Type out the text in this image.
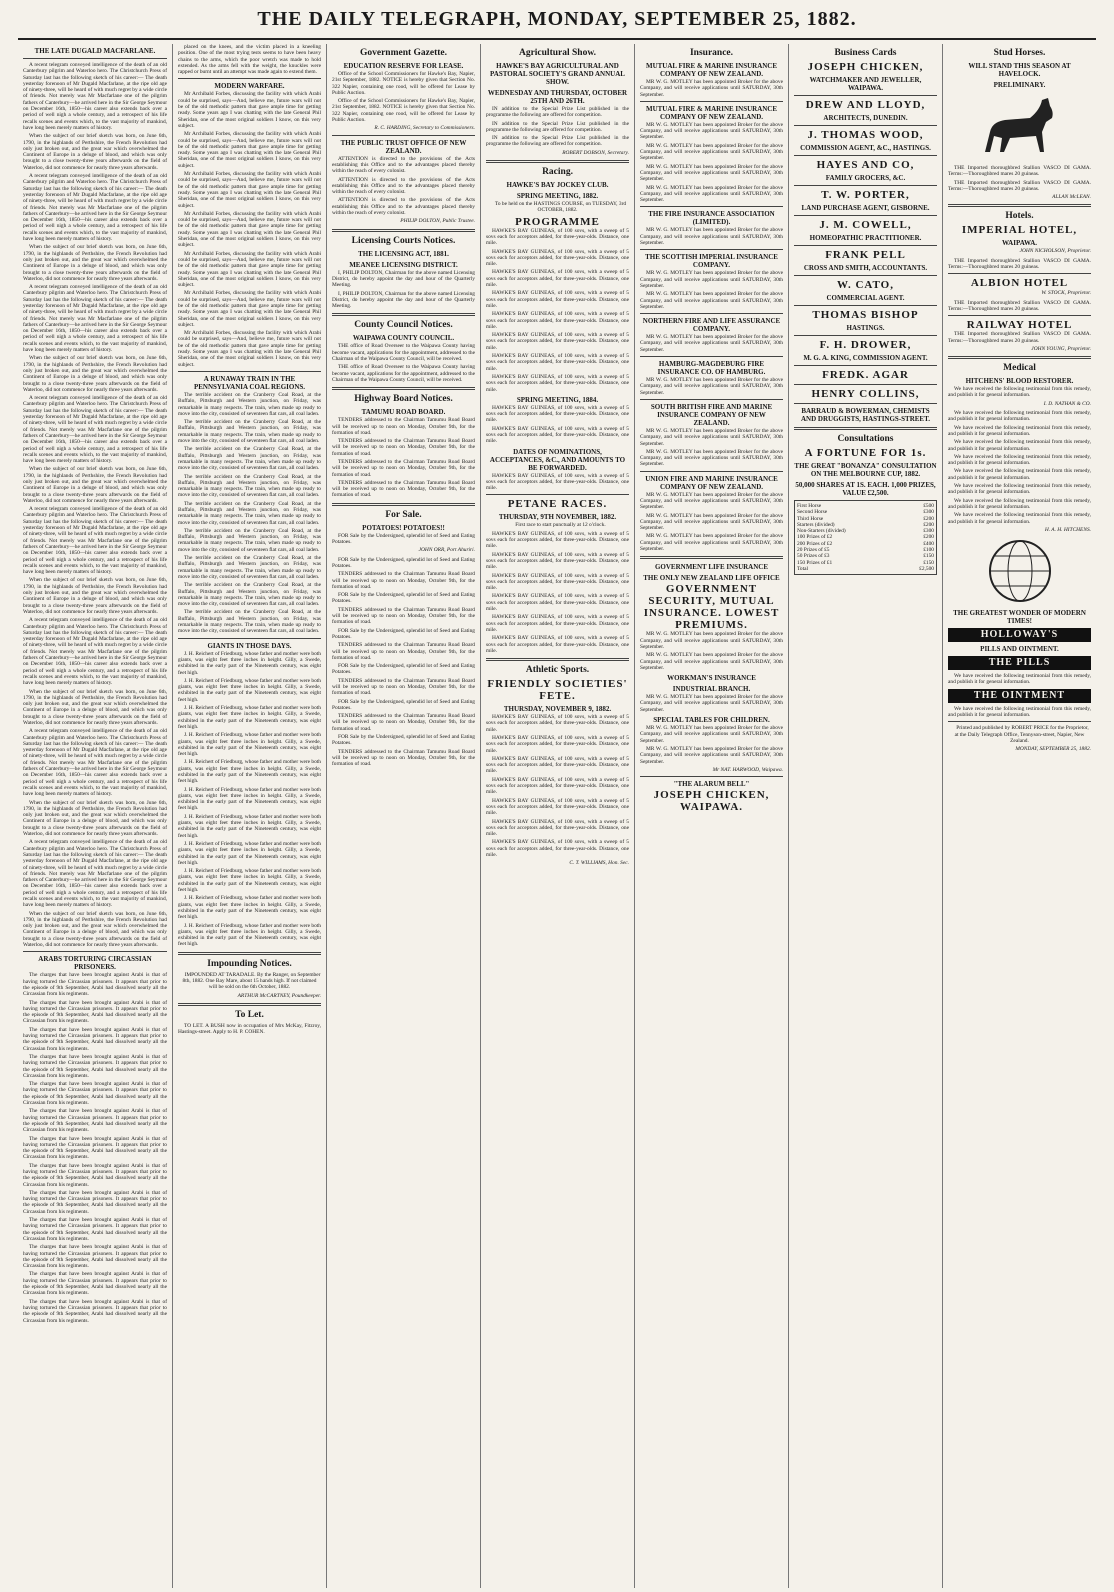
THE DAILY TELEGRAPH, MONDAY, SEPTEMBER 25, 1882.
THE LATE DUGALD MACFARLANE.

A recent telegram conveyed intelligence of the death of an old Canterbury pilgrim and Waterloo hero. The Christchurch Press of Saturday last has the following sketch of his career:— The death yesterday forenoon of Mr Dugald Macfarlane, at the ripe old age of ninety-three, will be heard of with much regret by a wide circle of friends. Not merely was Mr Macfarlane one of the pilgrim fathers of Canterbury—he arrived here in the Sir George Seymour on December 16th, 1850—his career also extends back over a period of well nigh a whole century, and a retrospect of his life recalls scenes and events which, to the vast majority of mankind, have long been merely matters of history.

When the subject of our brief sketch was born, on June 6th, 1790, in the highlands of Perthshire, the French Revolution had only just broken out, and the great war which overwhelmed the Continent of Europe in a deluge of blood, and which was only brought to a close twenty-three years afterwards on the field of Waterloo, did not commence for nearly three years afterwards.

A recent telegram conveyed intelligence of the death of an old Canterbury pilgrim and Waterloo hero. The Christchurch Press of Saturday last has the following sketch of his career:— The death yesterday forenoon of Mr Dugald Macfarlane, at the ripe old age of ninety-three, will be heard of with much regret by a wide circle of friends. Not merely was Mr Macfarlane one of the pilgrim fathers of Canterbury—he arrived here in the Sir George Seymour on December 16th, 1850—his career also extends back over a period of well nigh a whole century, and a retrospect of his life recalls scenes and events which, to the vast majority of mankind, have long been merely matters of history.

When the subject of our brief sketch was born, on June 6th, 1790, in the highlands of Perthshire, the French Revolution had only just broken out, and the great war which overwhelmed the Continent of Europe in a deluge of blood, and which was only brought to a close twenty-three years afterwards on the field of Waterloo, did not commence for nearly three years afterwards.

A recent telegram conveyed intelligence of the death of an old Canterbury pilgrim and Waterloo hero. The Christchurch Press of Saturday last has the following sketch of his career:— The death yesterday forenoon of Mr Dugald Macfarlane, at the ripe old age of ninety-three, will be heard of with much regret by a wide circle of friends. Not merely was Mr Macfarlane one of the pilgrim fathers of Canterbury—he arrived here in the Sir George Seymour on December 16th, 1850—his career also extends back over a period of well nigh a whole century, and a retrospect of his life recalls scenes and events which, to the vast majority of mankind, have long been merely matters of history.

When the subject of our brief sketch was born, on June 6th, 1790, in the highlands of Perthshire, the French Revolution had only just broken out, and the great war which overwhelmed the Continent of Europe in a deluge of blood, and which was only brought to a close twenty-three years afterwards on the field of Waterloo, did not commence for nearly three years afterwards.

A recent telegram conveyed intelligence of the death of an old Canterbury pilgrim and Waterloo hero. The Christchurch Press of Saturday last has the following sketch of his career:— The death yesterday forenoon of Mr Dugald Macfarlane, at the ripe old age of ninety-three, will be heard of with much regret by a wide circle of friends. Not merely was Mr Macfarlane one of the pilgrim fathers of Canterbury—he arrived here in the Sir George Seymour on December 16th, 1850—his career also extends back over a period of well nigh a whole century, and a retrospect of his life recalls scenes and events which, to the vast majority of mankind, have long been merely matters of history.

When the subject of our brief sketch was born, on June 6th, 1790, in the highlands of Perthshire, the French Revolution had only just broken out, and the great war which overwhelmed the Continent of Europe in a deluge of blood, and which was only brought to a close twenty-three years afterwards on the field of Waterloo, did not commence for nearly three years afterwards.

A recent telegram conveyed intelligence of the death of an old Canterbury pilgrim and Waterloo hero. The Christchurch Press of Saturday last has the following sketch of his career:— The death yesterday forenoon of Mr Dugald Macfarlane, at the ripe old age of ninety-three, will be heard of with much regret by a wide circle of friends. Not merely was Mr Macfarlane one of the pilgrim fathers of Canterbury—he arrived here in the Sir George Seymour on December 16th, 1850—his career also extends back over a period of well nigh a whole century, and a retrospect of his life recalls scenes and events which, to the vast majority of mankind, have long been merely matters of history.

When the subject of our brief sketch was born, on June 6th, 1790, in the highlands of Perthshire, the French Revolution had only just broken out, and the great war which overwhelmed the Continent of Europe in a deluge of blood, and which was only brought to a close twenty-three years afterwards on the field of Waterloo, did not commence for nearly three years afterwards.

A recent telegram conveyed intelligence of the death of an old Canterbury pilgrim and Waterloo hero. The Christchurch Press of Saturday last has the following sketch of his career:— The death yesterday forenoon of Mr Dugald Macfarlane, at the ripe old age of ninety-three, will be heard of with much regret by a wide circle of friends. Not merely was Mr Macfarlane one of the pilgrim fathers of Canterbury—he arrived here in the Sir George Seymour on December 16th, 1850—his career also extends back over a period of well nigh a whole century, and a retrospect of his life recalls scenes and events which, to the vast majority of mankind, have long been merely matters of history.

When the subject of our brief sketch was born, on June 6th, 1790, in the highlands of Perthshire, the French Revolution had only just broken out, and the great war which overwhelmed the Continent of Europe in a deluge of blood, and which was only brought to a close twenty-three years afterwards on the field of Waterloo, did not commence for nearly three years afterwards.

A recent telegram conveyed intelligence of the death of an old Canterbury pilgrim and Waterloo hero. The Christchurch Press of Saturday last has the following sketch of his career:— The death yesterday forenoon of Mr Dugald Macfarlane, at the ripe old age of ninety-three, will be heard of with much regret by a wide circle of friends. Not merely was Mr Macfarlane one of the pilgrim fathers of Canterbury—he arrived here in the Sir George Seymour on December 16th, 1850—his career also extends back over a period of well nigh a whole century, and a retrospect of his life recalls scenes and events which, to the vast majority of mankind, have long been merely matters of history.

When the subject of our brief sketch was born, on June 6th, 1790, in the highlands of Perthshire, the French Revolution had only just broken out, and the great war which overwhelmed the Continent of Europe in a deluge of blood, and which was only brought to a close twenty-three years afterwards on the field of Waterloo, did not commence for nearly three years afterwards.

A recent telegram conveyed intelligence of the death of an old Canterbury pilgrim and Waterloo hero. The Christchurch Press of Saturday last has the following sketch of his career:— The death yesterday forenoon of Mr Dugald Macfarlane, at the ripe old age of ninety-three, will be heard of with much regret by a wide circle of friends. Not merely was Mr Macfarlane one of the pilgrim fathers of Canterbury—he arrived here in the Sir George Seymour on December 16th, 1850—his career also extends back over a period of well nigh a whole century, and a retrospect of his life recalls scenes and events which, to the vast majority of mankind, have long been merely matters of history.

When the subject of our brief sketch was born, on June 6th, 1790, in the highlands of Perthshire, the French Revolution had only just broken out, and the great war which overwhelmed the Continent of Europe in a deluge of blood, and which was only brought to a close twenty-three years afterwards on the field of Waterloo, did not commence for nearly three years afterwards.

ARABS TORTURING CIRCASSIAN PRISONERS.

The charges that have been brought against Arabi is that of having tortured the Circassian prisoners. It appears that prior to the episode of 9th September, Arabi had dissolved nearly all the Circassian from his regiments.

The charges that have been brought against Arabi is that of having tortured the Circassian prisoners. It appears that prior to the episode of 9th September, Arabi had dissolved nearly all the Circassian from his regiments.

The charges that have been brought against Arabi is that of having tortured the Circassian prisoners. It appears that prior to the episode of 9th September, Arabi had dissolved nearly all the Circassian from his regiments.

The charges that have been brought against Arabi is that of having tortured the Circassian prisoners. It appears that prior to the episode of 9th September, Arabi had dissolved nearly all the Circassian from his regiments.

The charges that have been brought against Arabi is that of having tortured the Circassian prisoners. It appears that prior to the episode of 9th September, Arabi had dissolved nearly all the Circassian from his regiments.

The charges that have been brought against Arabi is that of having tortured the Circassian prisoners. It appears that prior to the episode of 9th September, Arabi had dissolved nearly all the Circassian from his regiments.

The charges that have been brought against Arabi is that of having tortured the Circassian prisoners. It appears that prior to the episode of 9th September, Arabi had dissolved nearly all the Circassian from his regiments.

The charges that have been brought against Arabi is that of having tortured the Circassian prisoners. It appears that prior to the episode of 9th September, Arabi had dissolved nearly all the Circassian from his regiments.

The charges that have been brought against Arabi is that of having tortured the Circassian prisoners. It appears that prior to the episode of 9th September, Arabi had dissolved nearly all the Circassian from his regiments.

The charges that have been brought against Arabi is that of having tortured the Circassian prisoners. It appears that prior to the episode of 9th September, Arabi had dissolved nearly all the Circassian from his regiments.

The charges that have been brought against Arabi is that of having tortured the Circassian prisoners. It appears that prior to the episode of 9th September, Arabi had dissolved nearly all the Circassian from his regiments.

The charges that have been brought against Arabi is that of having tortured the Circassian prisoners. It appears that prior to the episode of 9th September, Arabi had dissolved nearly all the Circassian from his regiments.

The charges that have been brought against Arabi is that of having tortured the Circassian prisoners. It appears that prior to the episode of 9th September, Arabi had dissolved nearly all the Circassian from his regiments.

placed on the knees, and the victim placed in a kneeling position. One of the most trying tests seems to have been heavy chains to the arms, which the poor wretch was made to hold extended. As the arms fell with the weight, the knuckles were rapped or burnt until an attempt was made again to extend them.

MODERN WARFARE.

Mr Archibald Forbes, discussing the facility with which Arabi could be surprised, says—And, believe me, future wars will not be of the old methodic pattern that gave ample time for getting ready. Some years ago I was chatting with the late General Phil Sheridan, one of the most original soldiers I know, on this very subject.

Mr Archibald Forbes, discussing the facility with which Arabi could be surprised, says—And, believe me, future wars will not be of the old methodic pattern that gave ample time for getting ready. Some years ago I was chatting with the late General Phil Sheridan, one of the most original soldiers I know, on this very subject.

Mr Archibald Forbes, discussing the facility with which Arabi could be surprised, says—And, believe me, future wars will not be of the old methodic pattern that gave ample time for getting ready. Some years ago I was chatting with the late General Phil Sheridan, one of the most original soldiers I know, on this very subject.

Mr Archibald Forbes, discussing the facility with which Arabi could be surprised, says—And, believe me, future wars will not be of the old methodic pattern that gave ample time for getting ready. Some years ago I was chatting with the late General Phil Sheridan, one of the most original soldiers I know, on this very subject.

Mr Archibald Forbes, discussing the facility with which Arabi could be surprised, says—And, believe me, future wars will not be of the old methodic pattern that gave ample time for getting ready. Some years ago I was chatting with the late General Phil Sheridan, one of the most original soldiers I know, on this very subject.

Mr Archibald Forbes, discussing the facility with which Arabi could be surprised, says—And, believe me, future wars will not be of the old methodic pattern that gave ample time for getting ready. Some years ago I was chatting with the late General Phil Sheridan, one of the most original soldiers I know, on this very subject.

Mr Archibald Forbes, discussing the facility with which Arabi could be surprised, says—And, believe me, future wars will not be of the old methodic pattern that gave ample time for getting ready. Some years ago I was chatting with the late General Phil Sheridan, one of the most original soldiers I know, on this very subject.

A RUNAWAY TRAIN IN THE PENNSYLVANIA COAL REGIONS.

The terrible accident on the Cranberry Coal Road, at the Buffalo, Pittsburgh and Western junction, on Friday, was remarkable in many respects. The train, when made up ready to move into the city, consisted of seventeen flat cars, all coal laden.

The terrible accident on the Cranberry Coal Road, at the Buffalo, Pittsburgh and Western junction, on Friday, was remarkable in many respects. The train, when made up ready to move into the city, consisted of seventeen flat cars, all coal laden.

The terrible accident on the Cranberry Coal Road, at the Buffalo, Pittsburgh and Western junction, on Friday, was remarkable in many respects. The train, when made up ready to move into the city, consisted of seventeen flat cars, all coal laden.

The terrible accident on the Cranberry Coal Road, at the Buffalo, Pittsburgh and Western junction, on Friday, was remarkable in many respects. The train, when made up ready to move into the city, consisted of seventeen flat cars, all coal laden.

The terrible accident on the Cranberry Coal Road, at the Buffalo, Pittsburgh and Western junction, on Friday, was remarkable in many respects. The train, when made up ready to move into the city, consisted of seventeen flat cars, all coal laden.

The terrible accident on the Cranberry Coal Road, at the Buffalo, Pittsburgh and Western junction, on Friday, was remarkable in many respects. The train, when made up ready to move into the city, consisted of seventeen flat cars, all coal laden.

The terrible accident on the Cranberry Coal Road, at the Buffalo, Pittsburgh and Western junction, on Friday, was remarkable in many respects. The train, when made up ready to move into the city, consisted of seventeen flat cars, all coal laden.

The terrible accident on the Cranberry Coal Road, at the Buffalo, Pittsburgh and Western junction, on Friday, was remarkable in many respects. The train, when made up ready to move into the city, consisted of seventeen flat cars, all coal laden.

The terrible accident on the Cranberry Coal Road, at the Buffalo, Pittsburgh and Western junction, on Friday, was remarkable in many respects. The train, when made up ready to move into the city, consisted of seventeen flat cars, all coal laden.

GIANTS IN THOSE DAYS.

J. H. Reichert of Friedburg, whose father and mother were both giants, was eight feet three inches in height. Gilly, a Swede, exhibited in the early part of the Nineteenth century, was eight feet high.

J. H. Reichert of Friedburg, whose father and mother were both giants, was eight feet three inches in height. Gilly, a Swede, exhibited in the early part of the Nineteenth century, was eight feet high.

J. H. Reichert of Friedburg, whose father and mother were both giants, was eight feet three inches in height. Gilly, a Swede, exhibited in the early part of the Nineteenth century, was eight feet high.

J. H. Reichert of Friedburg, whose father and mother were both giants, was eight feet three inches in height. Gilly, a Swede, exhibited in the early part of the Nineteenth century, was eight feet high.

J. H. Reichert of Friedburg, whose father and mother were both giants, was eight feet three inches in height. Gilly, a Swede, exhibited in the early part of the Nineteenth century, was eight feet high.

J. H. Reichert of Friedburg, whose father and mother were both giants, was eight feet three inches in height. Gilly, a Swede, exhibited in the early part of the Nineteenth century, was eight feet high.

J. H. Reichert of Friedburg, whose father and mother were both giants, was eight feet three inches in height. Gilly, a Swede, exhibited in the early part of the Nineteenth century, was eight feet high.

J. H. Reichert of Friedburg, whose father and mother were both giants, was eight feet three inches in height. Gilly, a Swede, exhibited in the early part of the Nineteenth century, was eight feet high.

J. H. Reichert of Friedburg, whose father and mother were both giants, was eight feet three inches in height. Gilly, a Swede, exhibited in the early part of the Nineteenth century, was eight feet high.

J. H. Reichert of Friedburg, whose father and mother were both giants, was eight feet three inches in height. Gilly, a Swede, exhibited in the early part of the Nineteenth century, was eight feet high.

J. H. Reichert of Friedburg, whose father and mother were both giants, was eight feet three inches in height. Gilly, a Swede, exhibited in the early part of the Nineteenth century, was eight feet high.

Impounding Notices.

IMPOUNDED AT TARADALE. By the Ranger, on September 8th, 1882. One Bay Mare, about 15 hands high. If not claimed will be sold on the 6th October, 1882.

ARTHUR McCARTNEY, Poundkeeper.
To Let.

TO LET. A BUSH now in occupation of Mrs McKay, Fitzroy, Hastings-street. Apply to H. P. COHEN.

Government Gazette.
EDUCATION RESERVE FOR LEASE.

Office of the School Commissioners for Hawke's Bay, Napier, 21st September, 1882. NOTICE is hereby given that Section No. 322 Napier, containing one rood, will be offered for Lease by Public Auction.

Office of the School Commissioners for Hawke's Bay, Napier, 21st September, 1882. NOTICE is hereby given that Section No. 322 Napier, containing one rood, will be offered for Lease by Public Auction.

R. C. HARDING, Secretary to Commissioners.
THE PUBLIC TRUST OFFICE OF NEW ZEALAND.

ATTENTION is directed to the provisions of the Acts establishing this Office and to the advantages placed thereby within the reach of every colonist.

ATTENTION is directed to the provisions of the Acts establishing this Office and to the advantages placed thereby within the reach of every colonist.

ATTENTION is directed to the provisions of the Acts establishing this Office and to the advantages placed thereby within the reach of every colonist.

PHILIP DOLTON, Public Trustee.
Licensing Courts Notices.
THE LICENSING ACT, 1881.
MEANEE LICENSING DISTRICT.

I, PHILIP DOLTON, Chairman for the above named Licensing District, do hereby appoint the day and hour of the Quarterly Meeting.

I, PHILIP DOLTON, Chairman for the above named Licensing District, do hereby appoint the day and hour of the Quarterly Meeting.

County Council Notices.
WAIPAWA COUNTY COUNCIL.

THE office of Road Overseer to the Waipawa County having become vacant, applications for the appointment, addressed to the Chairman of the Waipawa County Council, will be received.

THE office of Road Overseer to the Waipawa County having become vacant, applications for the appointment, addressed to the Chairman of the Waipawa County Council, will be received.

Highway Board Notices.
TAMUMU ROAD BOARD.

TENDERS addressed to the Chairman Tamumu Road Board will be received up to noon on Monday, October 9th, for the formation of road.

TENDERS addressed to the Chairman Tamumu Road Board will be received up to noon on Monday, October 9th, for the formation of road.

TENDERS addressed to the Chairman Tamumu Road Board will be received up to noon on Monday, October 9th, for the formation of road.

TENDERS addressed to the Chairman Tamumu Road Board will be received up to noon on Monday, October 9th, for the formation of road.

For Sale.
POTATOES! POTATOES!!

FOR Sale by the Undersigned, splendid lot of Seed and Eating Potatoes.

JOHN ORR, Port Ahuriri.

FOR Sale by the Undersigned, splendid lot of Seed and Eating Potatoes.

TENDERS addressed to the Chairman Tamumu Road Board will be received up to noon on Monday, October 9th, for the formation of road.

FOR Sale by the Undersigned, splendid lot of Seed and Eating Potatoes.

TENDERS addressed to the Chairman Tamumu Road Board will be received up to noon on Monday, October 9th, for the formation of road.

FOR Sale by the Undersigned, splendid lot of Seed and Eating Potatoes.

TENDERS addressed to the Chairman Tamumu Road Board will be received up to noon on Monday, October 9th, for the formation of road.

FOR Sale by the Undersigned, splendid lot of Seed and Eating Potatoes.

TENDERS addressed to the Chairman Tamumu Road Board will be received up to noon on Monday, October 9th, for the formation of road.

FOR Sale by the Undersigned, splendid lot of Seed and Eating Potatoes.

TENDERS addressed to the Chairman Tamumu Road Board will be received up to noon on Monday, October 9th, for the formation of road.

FOR Sale by the Undersigned, splendid lot of Seed and Eating Potatoes.

TENDERS addressed to the Chairman Tamumu Road Board will be received up to noon on Monday, October 9th, for the formation of road.

Agricultural Show.
HAWKE'S BAY AGRICULTURAL AND PASTORAL SOCIETY'S GRAND ANNUAL SHOW.
WEDNESDAY AND THURSDAY, OCTOBER 25TH AND 26TH.

IN addition to the Special Prize List published in the programme the following are offered for competition.

IN addition to the Special Prize List published in the programme the following are offered for competition.

IN addition to the Special Prize List published in the programme the following are offered for competition.

ROBERT DOBSON, Secretary.
Racing.
HAWKE'S BAY JOCKEY CLUB.
SPRING MEETING, 1882.

To be held on the HASTINGS COURSE, on TUESDAY, 3rd OCTOBER, 1882.

PROGRAMME

HAWKE'S BAY GUINEAS, of 100 sovs, with a sweep of 5 sovs each for acceptors added, for three-year-olds. Distance, one mile.

HAWKE'S BAY GUINEAS, of 100 sovs, with a sweep of 5 sovs each for acceptors added, for three-year-olds. Distance, one mile.

HAWKE'S BAY GUINEAS, of 100 sovs, with a sweep of 5 sovs each for acceptors added, for three-year-olds. Distance, one mile.

HAWKE'S BAY GUINEAS, of 100 sovs, with a sweep of 5 sovs each for acceptors added, for three-year-olds. Distance, one mile.

HAWKE'S BAY GUINEAS, of 100 sovs, with a sweep of 5 sovs each for acceptors added, for three-year-olds. Distance, one mile.

HAWKE'S BAY GUINEAS, of 100 sovs, with a sweep of 5 sovs each for acceptors added, for three-year-olds. Distance, one mile.

HAWKE'S BAY GUINEAS, of 100 sovs, with a sweep of 5 sovs each for acceptors added, for three-year-olds. Distance, one mile.

HAWKE'S BAY GUINEAS, of 100 sovs, with a sweep of 5 sovs each for acceptors added, for three-year-olds. Distance, one mile.

SPRING MEETING, 1884.

HAWKE'S BAY GUINEAS, of 100 sovs, with a sweep of 5 sovs each for acceptors added, for three-year-olds. Distance, one mile.

HAWKE'S BAY GUINEAS, of 100 sovs, with a sweep of 5 sovs each for acceptors added, for three-year-olds. Distance, one mile.

DATES OF NOMINATIONS, ACCEPTANCES, &C., AND AMOUNTS TO BE FORWARDED.

HAWKE'S BAY GUINEAS, of 100 sovs, with a sweep of 5 sovs each for acceptors added, for three-year-olds. Distance, one mile.

PETANE RACES.
THURSDAY, 9TH NOVEMBER, 1882.

First race to start punctually at 12 o'clock.

HAWKE'S BAY GUINEAS, of 100 sovs, with a sweep of 5 sovs each for acceptors added, for three-year-olds. Distance, one mile.

HAWKE'S BAY GUINEAS, of 100 sovs, with a sweep of 5 sovs each for acceptors added, for three-year-olds. Distance, one mile.

HAWKE'S BAY GUINEAS, of 100 sovs, with a sweep of 5 sovs each for acceptors added, for three-year-olds. Distance, one mile.

HAWKE'S BAY GUINEAS, of 100 sovs, with a sweep of 5 sovs each for acceptors added, for three-year-olds. Distance, one mile.

HAWKE'S BAY GUINEAS, of 100 sovs, with a sweep of 5 sovs each for acceptors added, for three-year-olds. Distance, one mile.

HAWKE'S BAY GUINEAS, of 100 sovs, with a sweep of 5 sovs each for acceptors added, for three-year-olds. Distance, one mile.

Athletic Sports.
FRIENDLY SOCIETIES' FETE.
THURSDAY, NOVEMBER 9, 1882.

HAWKE'S BAY GUINEAS, of 100 sovs, with a sweep of 5 sovs each for acceptors added, for three-year-olds. Distance, one mile.

HAWKE'S BAY GUINEAS, of 100 sovs, with a sweep of 5 sovs each for acceptors added, for three-year-olds. Distance, one mile.

HAWKE'S BAY GUINEAS, of 100 sovs, with a sweep of 5 sovs each for acceptors added, for three-year-olds. Distance, one mile.

HAWKE'S BAY GUINEAS, of 100 sovs, with a sweep of 5 sovs each for acceptors added, for three-year-olds. Distance, one mile.

HAWKE'S BAY GUINEAS, of 100 sovs, with a sweep of 5 sovs each for acceptors added, for three-year-olds. Distance, one mile.

HAWKE'S BAY GUINEAS, of 100 sovs, with a sweep of 5 sovs each for acceptors added, for three-year-olds. Distance, one mile.

HAWKE'S BAY GUINEAS, of 100 sovs, with a sweep of 5 sovs each for acceptors added, for three-year-olds. Distance, one mile.

C. T. WILLIAMS, Hon. Sec.
Insurance.
MUTUAL FIRE & MARINE INSURANCE COMPANY OF NEW ZEALAND.

MR W. G. MOTLEY has been appointed Broker for the above Company, and will receive applications until SATURDAY, 30th September.

MUTUAL FIRE & MARINE INSURANCE COMPANY OF NEW ZEALAND.

MR W. G. MOTLEY has been appointed Broker for the above Company, and will receive applications until SATURDAY, 30th September.

MR W. G. MOTLEY has been appointed Broker for the above Company, and will receive applications until SATURDAY, 30th September.

MR W. G. MOTLEY has been appointed Broker for the above Company, and will receive applications until SATURDAY, 30th September.

MR W. G. MOTLEY has been appointed Broker for the above Company, and will receive applications until SATURDAY, 30th September.

THE FIRE INSURANCE ASSOCIATION (LIMITED).

MR W. G. MOTLEY has been appointed Broker for the above Company, and will receive applications until SATURDAY, 30th September.

THE SCOTTISH IMPERIAL INSURANCE COMPANY.

MR W. G. MOTLEY has been appointed Broker for the above Company, and will receive applications until SATURDAY, 30th September.

MR W. G. MOTLEY has been appointed Broker for the above Company, and will receive applications until SATURDAY, 30th September.

NORTHERN FIRE AND LIFE ASSURANCE COMPANY.

MR W. G. MOTLEY has been appointed Broker for the above Company, and will receive applications until SATURDAY, 30th September.

HAMBURG-MAGDEBURG FIRE INSURANCE CO. OF HAMBURG.

MR W. G. MOTLEY has been appointed Broker for the above Company, and will receive applications until SATURDAY, 30th September.

SOUTH BRITISH FIRE AND MARINE INSURANCE COMPANY OF NEW ZEALAND.

MR W. G. MOTLEY has been appointed Broker for the above Company, and will receive applications until SATURDAY, 30th September.

MR W. G. MOTLEY has been appointed Broker for the above Company, and will receive applications until SATURDAY, 30th September.

UNION FIRE AND MARINE INSURANCE COMPANY OF NEW ZEALAND.

MR W. G. MOTLEY has been appointed Broker for the above Company, and will receive applications until SATURDAY, 30th September.

MR W. G. MOTLEY has been appointed Broker for the above Company, and will receive applications until SATURDAY, 30th September.

MR W. G. MOTLEY has been appointed Broker for the above Company, and will receive applications until SATURDAY, 30th September.

GOVERNMENT LIFE INSURANCE
THE ONLY NEW ZEALAND LIFE OFFICE
GOVERNMENT SECURITY, MUTUAL INSURANCE. LOWEST PREMIUMS.

MR W. G. MOTLEY has been appointed Broker for the above Company, and will receive applications until SATURDAY, 30th September.

MR W. G. MOTLEY has been appointed Broker for the above Company, and will receive applications until SATURDAY, 30th September.

WORKMAN'S INSURANCE
INDUSTRIAL BRANCH.

MR W. G. MOTLEY has been appointed Broker for the above Company, and will receive applications until SATURDAY, 30th September.

SPECIAL TABLES FOR CHILDREN.

MR W. G. MOTLEY has been appointed Broker for the above Company, and will receive applications until SATURDAY, 30th September.

MR W. G. MOTLEY has been appointed Broker for the above Company, and will receive applications until SATURDAY, 30th September.

Mr NAT. HARWOOD, Waipawa.
"THE ALARUM BELL"
JOSEPH CHICKEN, WAIPAWA.
Business Cards
JOSEPH CHICKEN,
WATCHMAKER AND JEWELLER, WAIPAWA.
DREW AND LLOYD,
ARCHITECTS, DUNEDIN.
J. THOMAS WOOD,
COMMISSION AGENT, &C., HASTINGS.
HAYES AND CO,
FAMILY GROCERS, &C.
T. W. PORTER,
LAND PURCHASE AGENT, GISBORNE.
J. M. COWELL,
HOMEOPATHIC PRACTITIONER.
FRANK PELL
CROSS AND SMITH, ACCOUNTANTS.
W. CATO,
COMMERCIAL AGENT.
THOMAS BISHOP
HASTINGS.
F. H. DROWER,
M. G. A. KING, COMMISSION AGENT.
FREDK. AGAR
HENRY COLLINS,
BARRAUD & BOWERMAN, CHEMISTS AND DRUGGISTS, HASTINGS-STREET.
Consultations
A FORTUNE FOR 1s.
THE GREAT "BONANZA" CONSULTATION ON THE MELBOURNE CUP, 1882.
50,000 SHARES AT 1S. EACH. 1,000 PRIZES, VALUE £2,500.
First Horse	£500
Second Horse	£300
Third Horse	£200
Starters (divided)	£200
Non-Starters (divided)	£300
100 Prizes of £2	£200
200 Prizes of £2	£400
20 Prizes of £5	£100
50 Prizes of £3	£150
150 Prizes of £1	£150
Total	£2,500
Stud Horses.
WILL STAND THIS SEASON AT HAVELOCK.
PRELIMINARY.

THE Imported thoroughbred Stallion VASCO DI GAMA. Terms:—Thoroughbred mares 20 guineas.

THE Imported thoroughbred Stallion VASCO DI GAMA. Terms:—Thoroughbred mares 20 guineas.

ALLAN McLEAN.
Hotels.
IMPERIAL HOTEL,
WAIPAWA.
JOHN NICHOLSON, Proprietor.

THE Imported thoroughbred Stallion VASCO DI GAMA. Terms:—Thoroughbred mares 20 guineas.

ALBION HOTEL
W. STOCK, Proprietor.

THE Imported thoroughbred Stallion VASCO DI GAMA. Terms:—Thoroughbred mares 20 guineas.

RAILWAY HOTEL

THE Imported thoroughbred Stallion VASCO DI GAMA. Terms:—Thoroughbred mares 20 guineas.

JOHN YOUNG, Proprietor.
Medical
HITCHENS' BLOOD RESTORER.

We have received the following testimonial from this remedy, and publish it for general information.

I. D. NATHAN & CO.

We have received the following testimonial from this remedy, and publish it for general information.

We have received the following testimonial from this remedy, and publish it for general information.

We have received the following testimonial from this remedy, and publish it for general information.

We have received the following testimonial from this remedy, and publish it for general information.

We have received the following testimonial from this remedy, and publish it for general information.

We have received the following testimonial from this remedy, and publish it for general information.

We have received the following testimonial from this remedy, and publish it for general information.

We have received the following testimonial from this remedy, and publish it for general information.

H. A. H. HITCHENS.
THE GREATEST WONDER OF MODERN TIMES!
HOLLOWAY'S
PILLS AND OINTMENT.
THE PILLS

We have received the following testimonial from this remedy, and publish it for general information.

THE OINTMENT

We have received the following testimonial from this remedy, and publish it for general information.

Printed and published by ROBERT PRICE for the Proprietor, at the Daily Telegraph Office, Tennyson-street, Napier, New Zealand.

MONDAY, SEPTEMBER 25, 1882.
